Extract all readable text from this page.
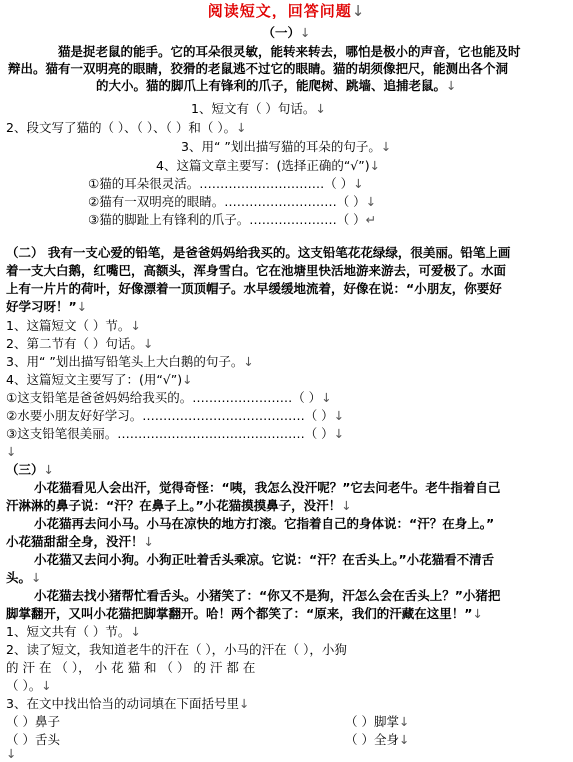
阅读短文，回答问题↓
（一）↓
猫是捉老鼠的能手。它的耳朵很灵敏，能转来转去，哪怕是极小的声音，它也能及时
辩出。猫有一双明亮的眼睛，狡猾的老鼠逃不过它的眼睛。猫的胡须像把尺，能测出各个洞
的大小。猫的脚爪上有锋利的爪子，能爬树、跳墙、追捕老鼠。↓
1、短文有（ ）句话。↓
2、段文写了猫的（ ）、（ ）、（ ）和（ ）。↓
3、用“ ”划出描写猫的耳朵的句子。↓
4、这篇文章主要写：(选择正确的“√”)↓
①猫的耳朵很灵活。…………………………（ ）↓
②猫有一双明亮的眼睛。………………………（ ）↓
③猫的脚趾上有锋利的爪子。…………………（ ）↵
（二） 我有一支心爱的铅笔，是爸爸妈妈给我买的。这支铅笔花花绿绿，很美丽。铅笔上画
着一支大白鹅，红嘴巴，高额头，浑身雪白。它在池塘里快活地游来游去，可爱极了。水面
上有一片片的荷叶，好像漂着一顶顶帽子。水早缓缓地流着，好像在说：“小朋友，你要好
好学习呀！”↓
1、这篇短文（ ）节。↓
2、第二节有（ ）句话。↓
3、用“ ”划出描写铅笔头上大白鹅的句子。↓
4、这篇短文主要写了：(用“√”)↓
①这支铅笔是爸爸妈妈给我买的。……………………（ ）↓
②水要小朋友好好学习。…………………………………（ ）↓
③这支铅笔很美丽。………………………………………（ ）↓
↓
（三）↓
小花猫看见人会出汗，觉得奇怪：“咦，我怎么没汗呢？”它去问老牛。老牛指着自己
汗淋淋的鼻子说：“汗？在鼻子上。”小花猫摸摸鼻子，没汗！↓
小花猫再去问小马。小马在凉快的地方打滚。它指着自己的身体说：“汗？在身上。”
小花猫甜甜全身，没汗！↓
小花猫又去问小狗。小狗正吐着舌头乘凉。它说：“汗？在舌头上。”小花猫看不清舌
头。↓
小花猫去找小猪帮忙看舌头。小猪笑了：“你又不是狗，汗怎么会在舌头上？”小猪把
脚掌翻开，又叫小花猫把脚掌翻开。哈！两个都笑了：“原来，我们的汗藏在这里！”↓
1、短文共有（ ）节。↓
2、读了短文，我知道老牛的汗在（ ），小马的汗在（ ），小狗
的 汗 在 （ ）， 小 花 猫 和 （ ） 的 汗 都 在
（ ）。↓
3、在文中找出恰当的动词填在下面括号里↓
（ ）鼻子	（ ）脚掌↓
（ ）舌头	（ ）全身↓
↓
